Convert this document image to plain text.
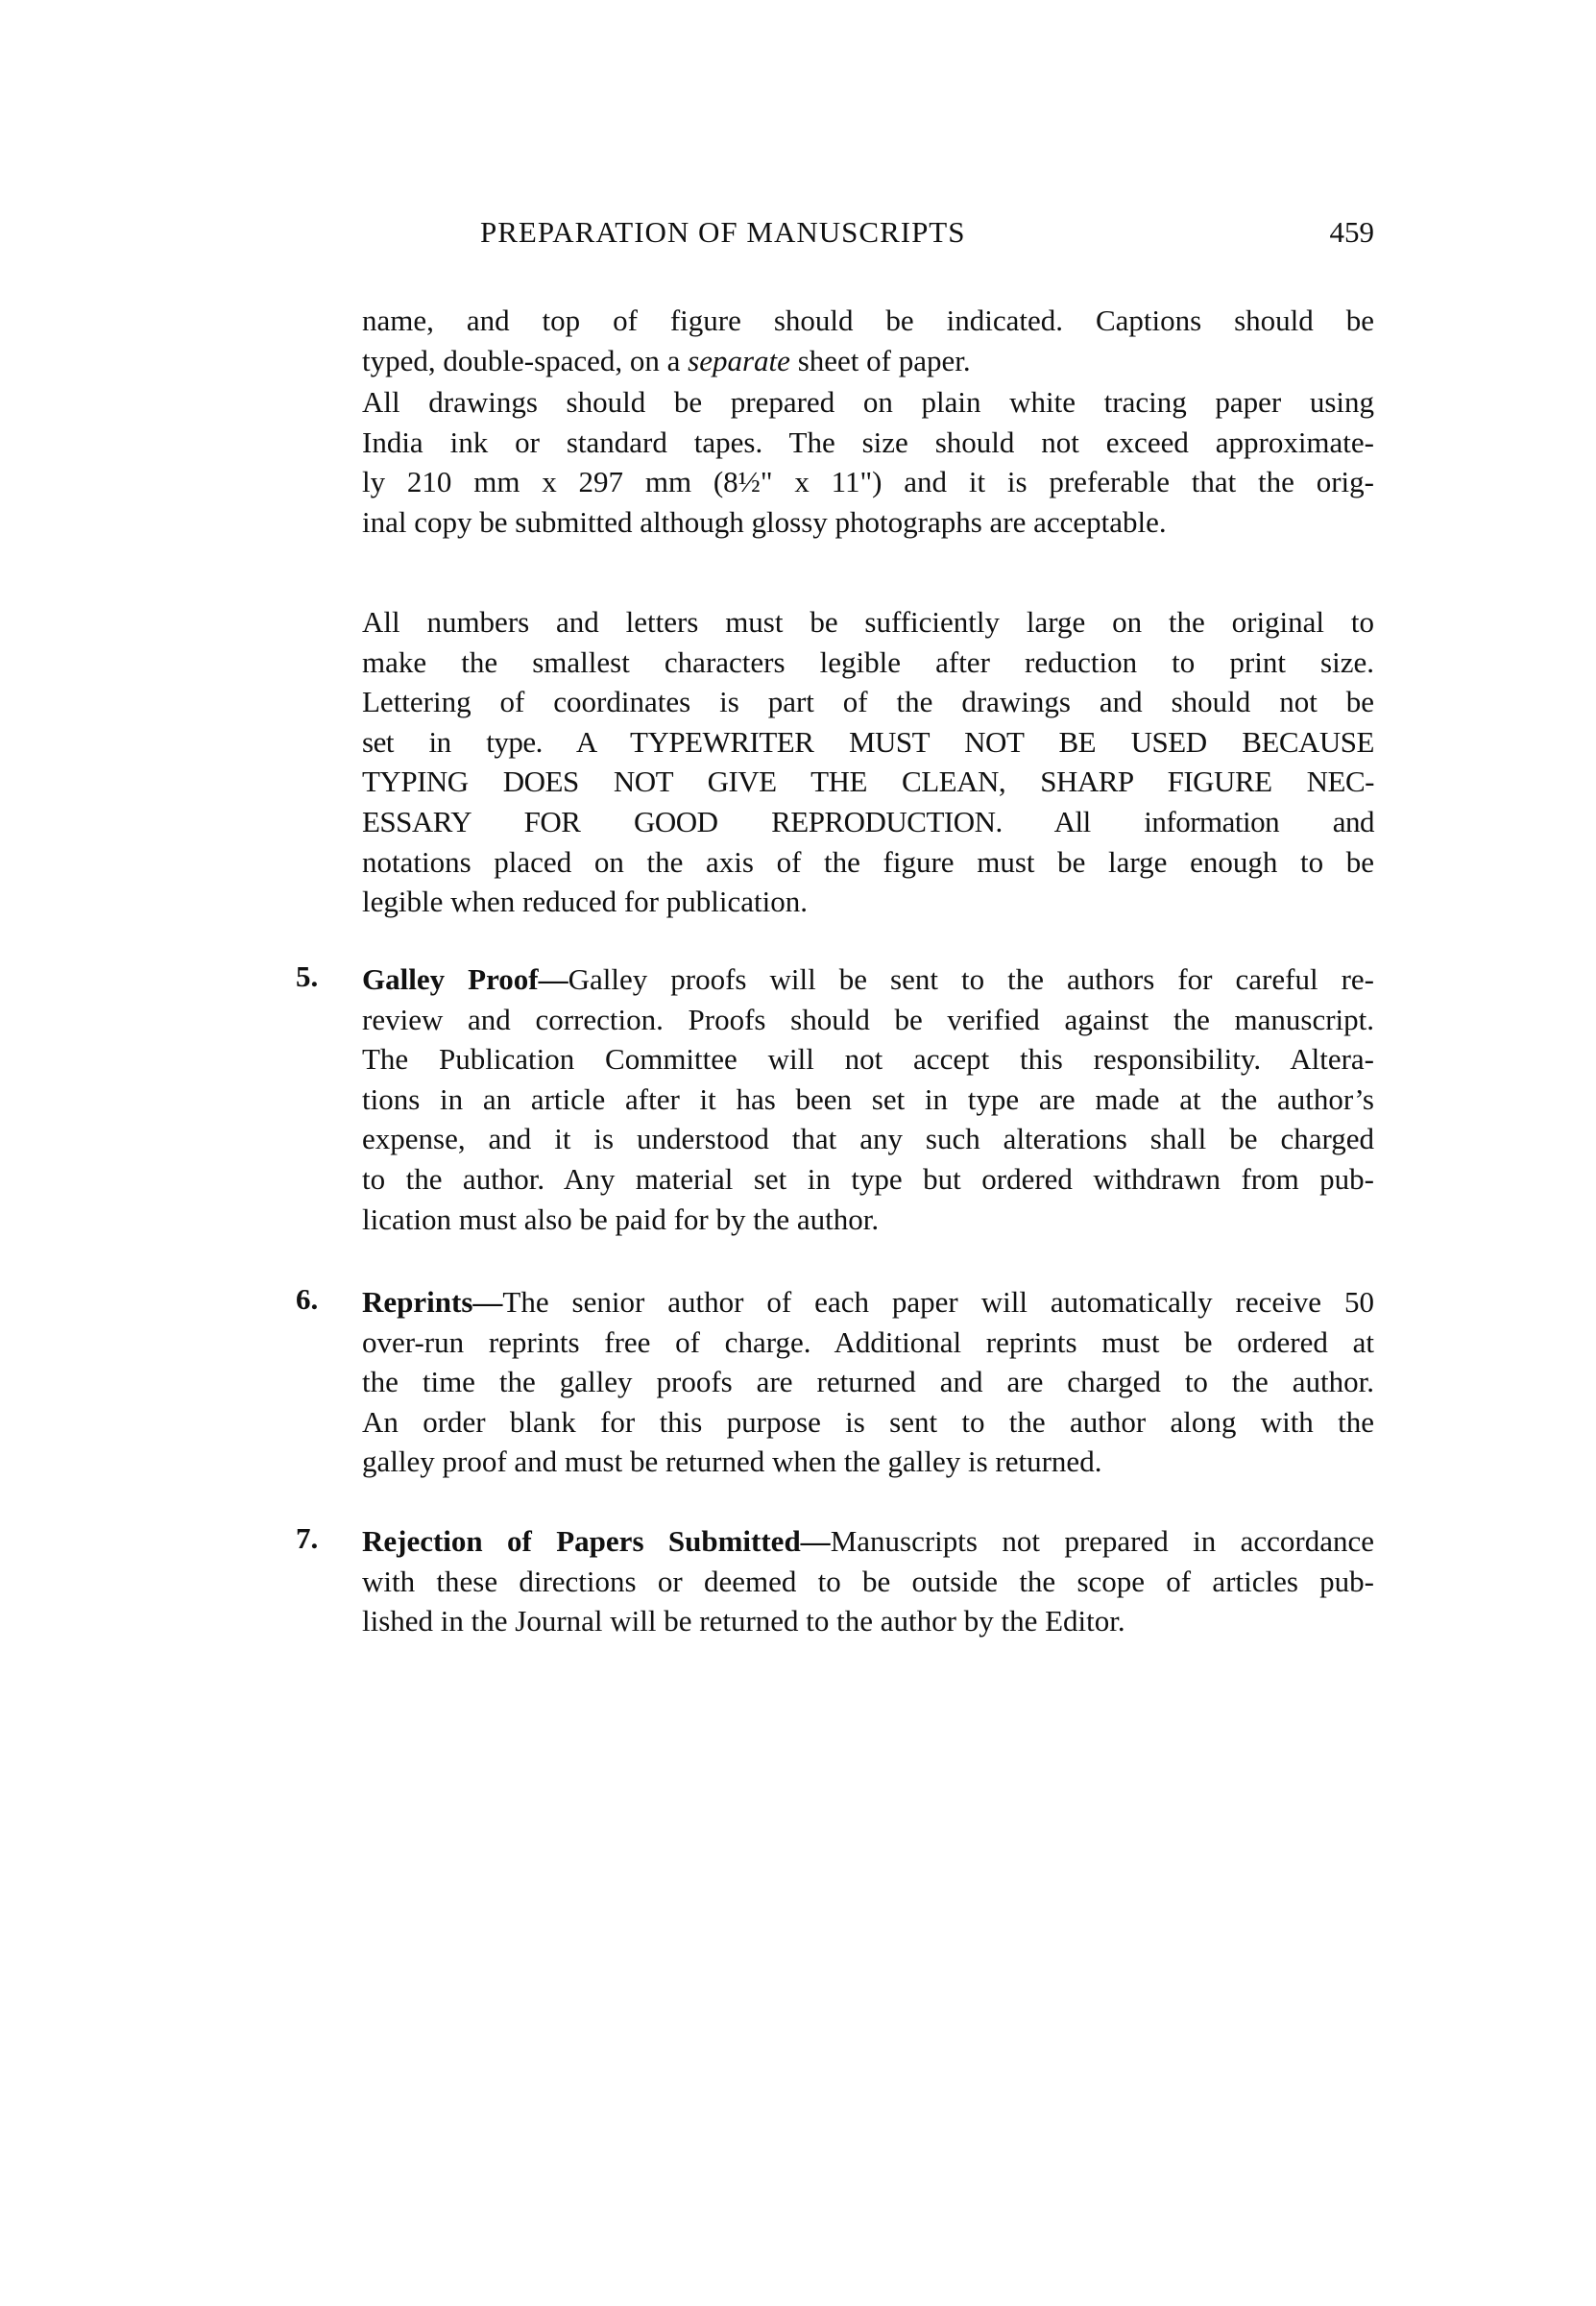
PREPARATION OF MANUSCRIPTS	459
name, and top of figure should be indicated. Captions should be
typed, double-spaced, on a separate sheet of paper.
All drawings should be prepared on plain white tracing paper using
India ink or standard tapes. The size should not exceed approximate-
ly 210 mm x 297 mm (8½" x 11") and it is preferable that the orig-
inal copy be submitted although glossy photographs are acceptable.
All numbers and letters must be sufficiently large on the original to
make the smallest characters legible after reduction to print size.
Lettering of coordinates is part of the drawings and should not be
set in type. A TYPEWRITER MUST NOT BE USED BECAUSE
TYPING DOES NOT GIVE THE CLEAN, SHARP FIGURE NEC-
ESSARY FOR GOOD REPRODUCTION. All information and
notations placed on the axis of the figure must be large enough to be
legible when reduced for publication.
5. Galley Proof—Galley proofs will be sent to the authors for careful re-
review and correction. Proofs should be verified against the manuscript.
The Publication Committee will not accept this responsibility. Altera-
tions in an article after it has been set in type are made at the author’s
expense, and it is understood that any such alterations shall be charged
to the author. Any material set in type but ordered withdrawn from pub-
lication must also be paid for by the author.
6. Reprints—The senior author of each paper will automatically receive 50
over-run reprints free of charge. Additional reprints must be ordered at
the time the galley proofs are returned and are charged to the author.
An order blank for this purpose is sent to the author along with the
galley proof and must be returned when the galley is returned.
7. Rejection of Papers Submitted—Manuscripts not prepared in accordance
with these directions or deemed to be outside the scope of articles pub-
lished in the Journal will be returned to the author by the Editor.
